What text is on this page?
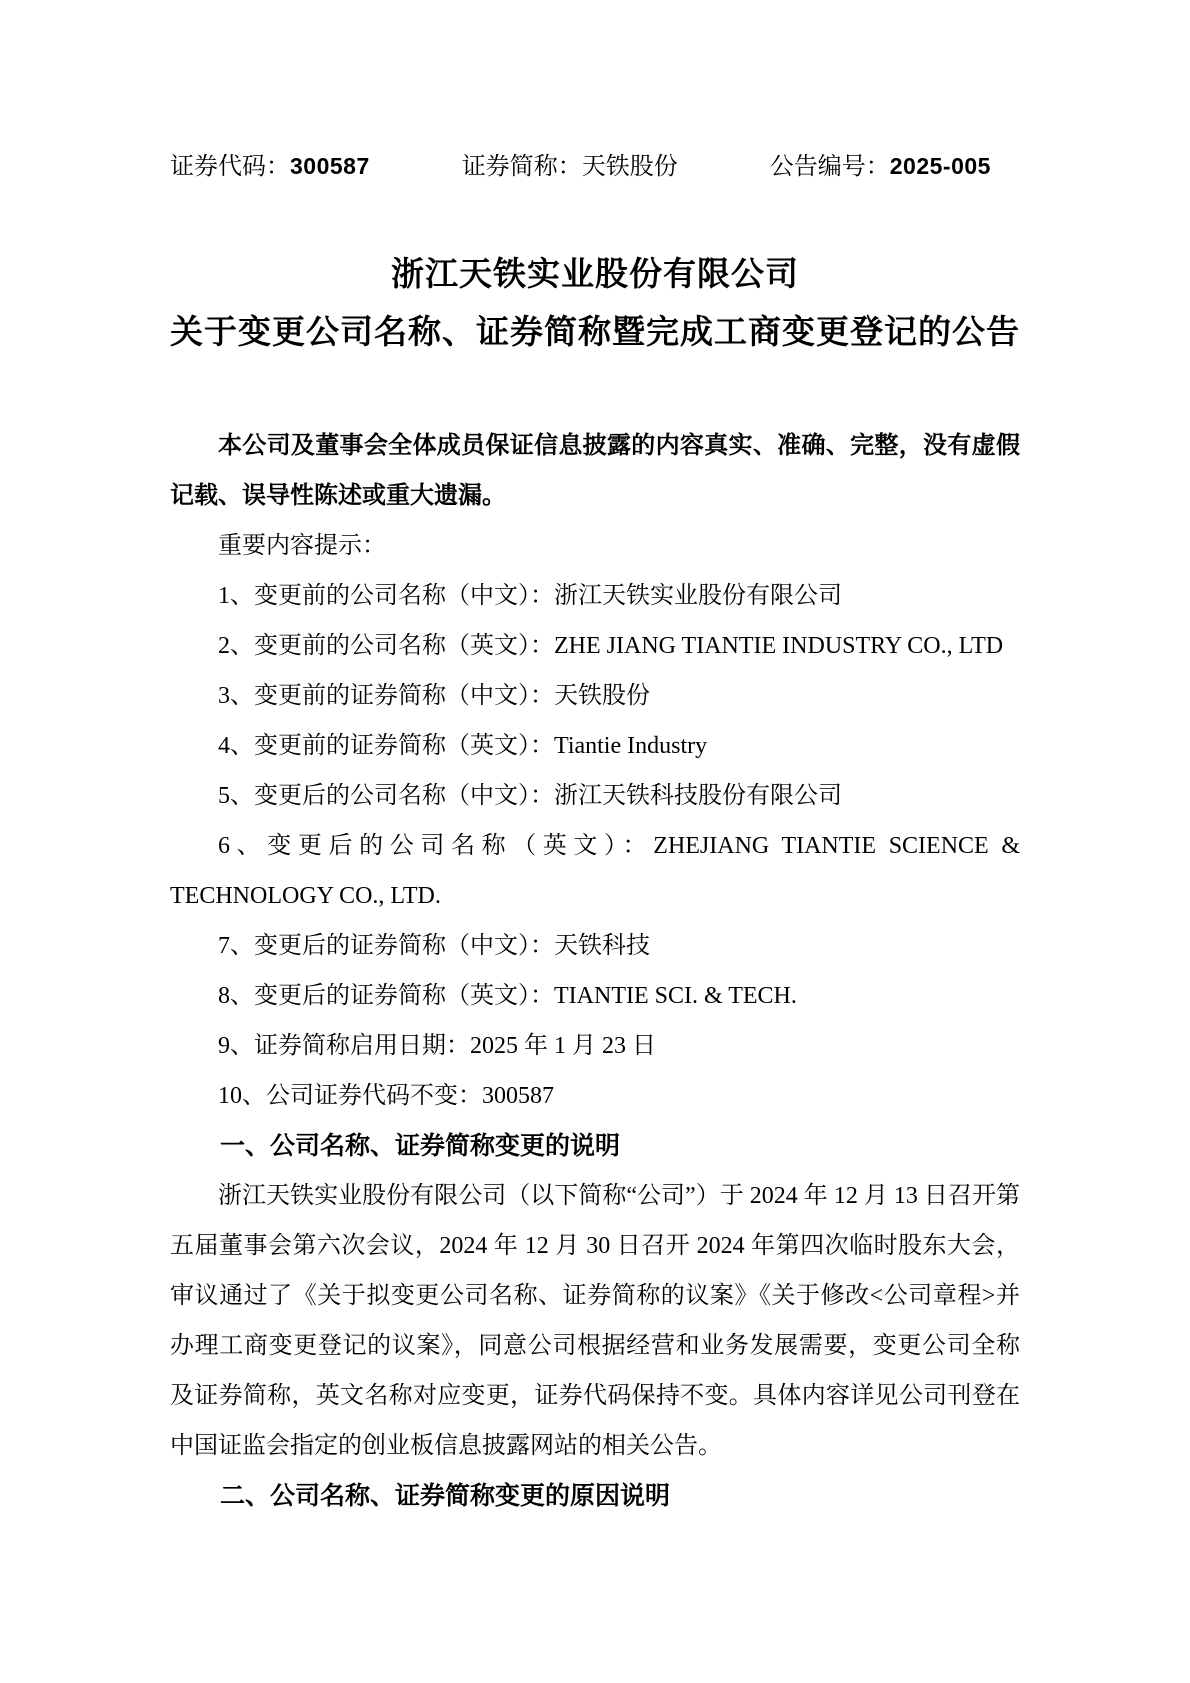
证券代码： 300587	证券简称： 天铁股份	公告编号： 2025-005
浙江天铁实业股份有限公司
关于变更公司名称、证券简称暨完成工商变更登记的公告

本公司及董事会全体成员保证信息披露的内容真实、准确、完整，没有虚假记载、误导性陈述或重大遗漏。

重要内容提示：

1、变更前的公司名称（中文）：浙江天铁实业股份有限公司

2、变更前的公司名称（英文）：ZHE JIANG TIANTIE INDUSTRY CO., LTD

3、变更前的证券简称（中文）：天铁股份

4、变更前的证券简称（英文）：Tiantie Industry

5、变更后的公司名称（中文）：浙江天铁科技股份有限公司

6、变更后的公司名称（英文）：ZHEJIANG TIANTIE SCIENCE & TECHNOLOGY CO., LTD.

7、变更后的证券简称（中文）：天铁科技

8、变更后的证券简称（英文）：TIANTIE SCI. & TECH.

9、证券简称启用日期：2025 年 1 月 23 日

10、公司证券代码不变：300587

一、公司名称、证券简称变更的说明

浙江天铁实业股份有限公司（以下简称“公司”）于 2024 年 12 月 13 日召开第五届董事会第六次会议，2024 年 12 月 30 日召开 2024 年第四次临时股东大会，审议通过了《关于拟变更公司名称、证券简称的议案》《关于修改<公司章程>并办理工商变更登记的议案》，同意公司根据经营和业务发展需要，变更公司全称及证券简称，英文名称对应变更，证券代码保持不变。具体内容详见公司刊登在中国证监会指定的创业板信息披露网站的相关公告。

二、公司名称、证券简称变更的原因说明
